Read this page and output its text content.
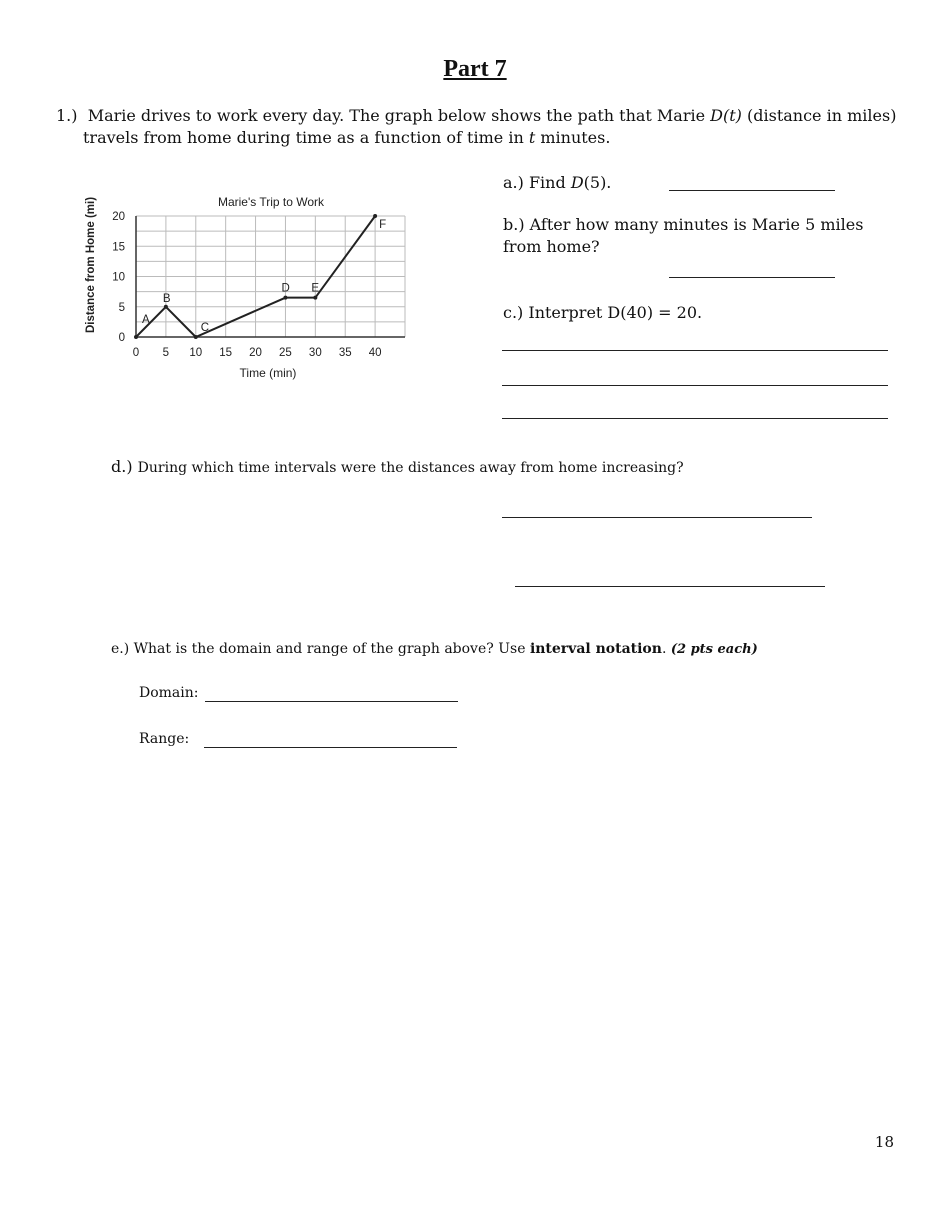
Part 7
1.) Marie drives to work every day. The graph below shows the path that Marie D(t) (distance in miles)
travels from home during time as a function of time in t minutes.
Marie's Trip to Work
Distance from Home (mi)
Time (min)
0 5 10 15 20 25 30 35 40
0
5
10
15
20
A
B
C
D E
F
a.) Find D(5).
b.) After how many minutes is Marie 5 miles
from home?
c.) Interpret D(40) = 20.
d.) During which time intervals were the distances away from home increasing?
e.) What is the domain and range of the graph above? Use interval notation. (2 pts each)
Domain:
Range:
18
